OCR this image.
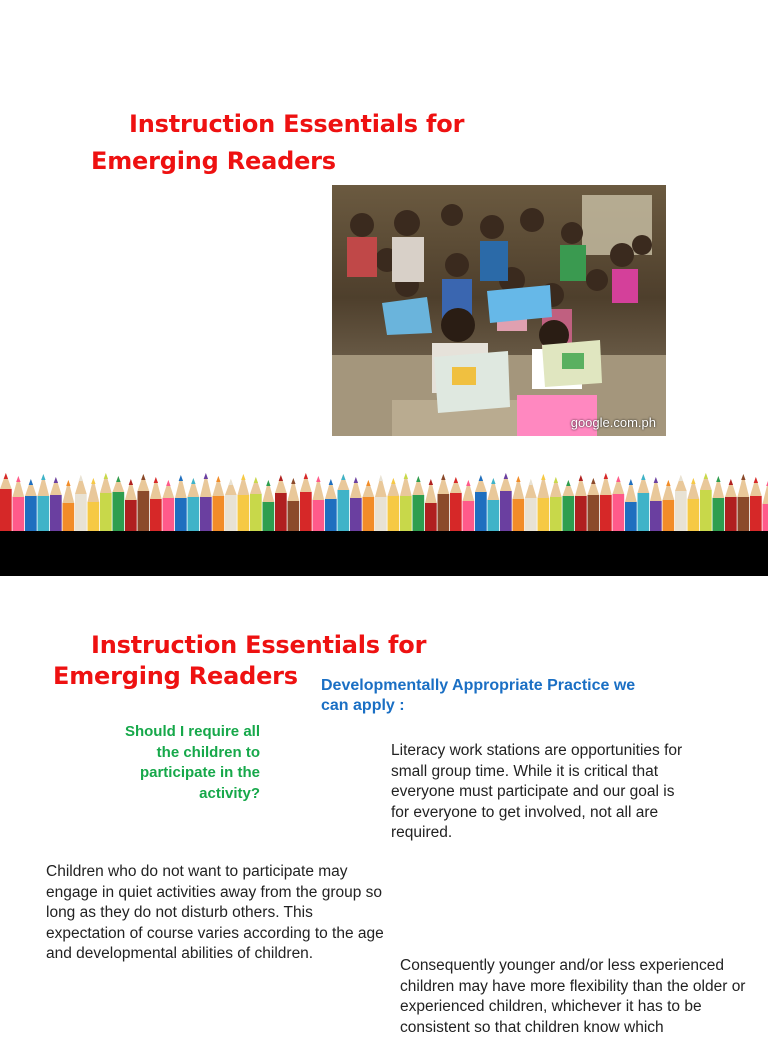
Instruction Essentials for

Emerging Readers

google.com.ph

Instruction Essentials for

Emerging Readers Developmentally Appropriate Practice we can apply :

Should I require all the children to participate in the activity?

Literacy work stations are opportunities for small group time. While it is critical that everyone must participate and our goal is for everyone to get involved, not all are required.

Children who do not want to participate may engage in quiet activities away from the group so long as they do not disturb others. This expectation of course varies according to the age and developmental abilities of children.

Consequently younger and/or less experienced children may have more flexibility than the older or experienced children, whichever it has to be consistent so that children know which
